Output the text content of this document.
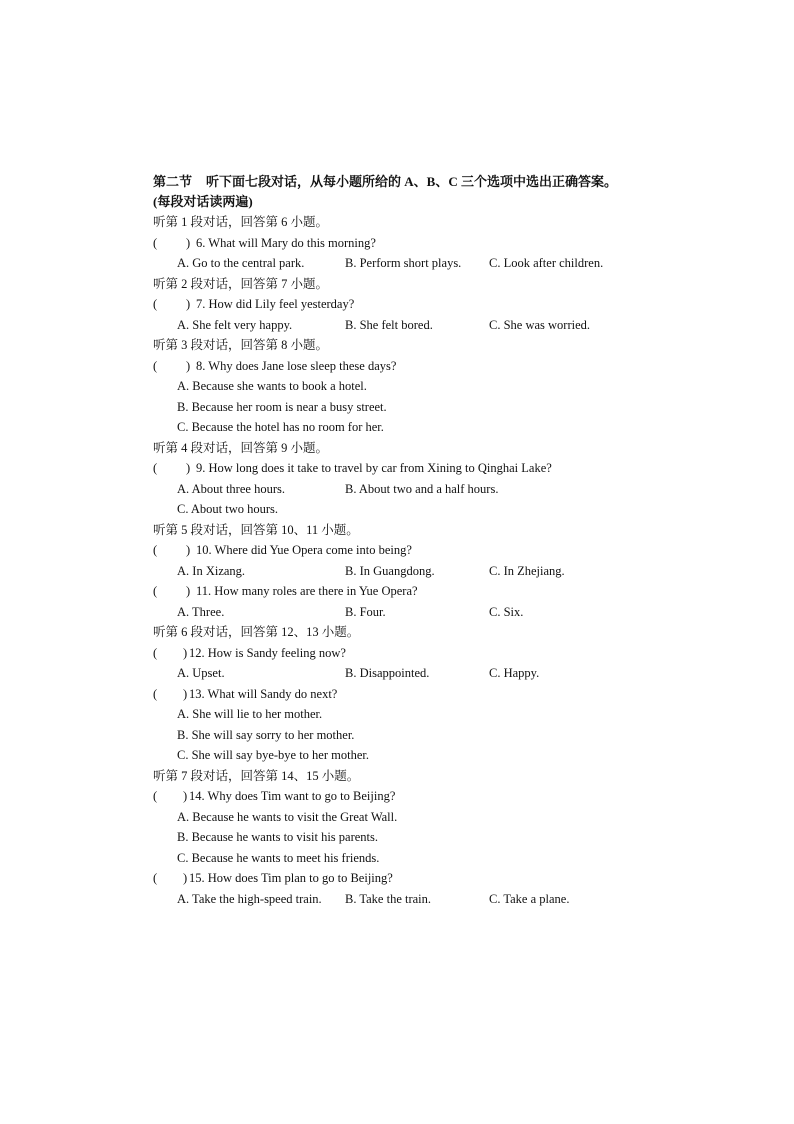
第二节 听下面七段对话，从每小题所给的 A、B、C 三个选项中选出正确答案。
(每段对话读两遍)
听第 1 段对话，回答第 6 小题。
( ) 6. What will Mary do this morning?
A. Go to the central park.	B. Perform short plays. C. Look after children.
听第 2 段对话，回答第 7 小题。
( ) 7. How did Lily feel yesterday?
A. She felt very happy.	B. She felt bored.	C. She was worried.
听第 3 段对话，回答第 8 小题。
( ) 8. Why does Jane lose sleep these days?
A. Because she wants to book a hotel.
B. Because her room is near a busy street.
C. Because the hotel has no room for her.
听第 4 段对话，回答第 9 小题。
( ) 9. How long does it take to travel by car from Xining to Qinghai Lake?
A. About three hours.	B. About two and a half hours.
C. About two hours.
听第 5 段对话，回答第 10、11 小题。
( ) 10. Where did Yue Opera come into being?
A. In Xizang.	B. In Guangdong.	C. In Zhejiang.
( ) 11. How many roles are there in Yue Opera?
A. Three.	B. Four.	C. Six.
听第 6 段对话，回答第 12、13 小题。
( ) 12. How is Sandy feeling now?
A. Upset.	B. Disappointed.	C. Happy.
( ) 13. What will Sandy do next?
A. She will lie to her mother.
B. She will say sorry to her mother.
C. She will say bye-bye to her mother.
听第 7 段对话，回答第 14、15 小题。
( ) 14. Why does Tim want to go to Beijing?
A. Because he wants to visit the Great Wall.
B. Because he wants to visit his parents.
C. Because he wants to meet his friends.
( ) 15. How does Tim plan to go to Beijing?
A. Take the high-speed train. B. Take the train.	C. Take a plane.
